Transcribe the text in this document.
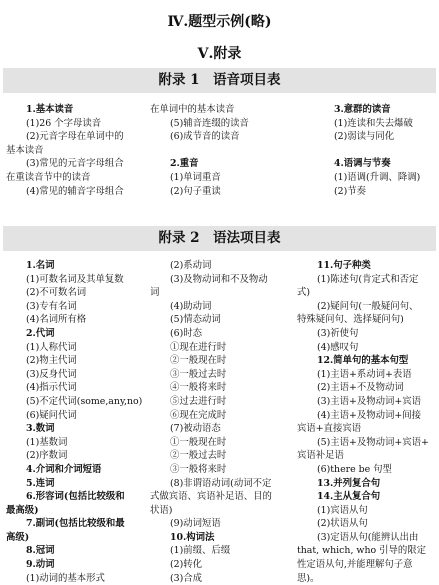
Ⅳ.题型示例(略)
Ⅴ.附录
附录 1　语音项目表
1.基本读音
(1)26 个字母读音
(2)元音字母在单词中的
基本读音
(3)常见的元音字母组合
在重读音节中的读音
(4)常见的辅音字母组合
在单词中的基本读音
(5)辅音连缀的读音
(6)成节音的读音

2.重音
(1)单词重音
(2)句子重读
3.意群的读音
(1)连读和失去爆破
(2)弱读与同化

4.语调与节奏
(1)语调(升调、降调)
(2)节奏
附录 2　语法项目表
1.名词
(1)可数名词及其单复数
(2)不可数名词
(3)专有名词
(4)名词所有格
2.代词
(1)人称代词
(2)物主代词
(3)反身代词
(4)指示代词
(5)不定代词(some,any,no)
(6)疑问代词
3.数词
(1)基数词
(2)序数词
4.介词和介词短语
5.连词
6.形容词(包括比较级和
最高级)
7.副词(包括比较级和最
高级)
8.冠词
9.动词
(1)动词的基本形式
(2)系动词
(3)及物动词和不及物动
词
(4)助动词
(5)情态动词
(6)时态
①现在进行时
②一般现在时
③一般过去时
④一般将来时
⑤过去进行时
⑥现在完成时
(7)被动语态
①一般现在时
②一般过去时
③一般将来时
(8)非谓语动词(动词不定
式做宾语、宾语补足语、目的
状语)
(9)动词短语
10.构词法
(1)前缀、后缀
(2)转化
(3)合成
11.句子种类
(1)陈述句(肯定式和否定
式)
(2)疑问句(一般疑问句、
特殊疑问句、选择疑问句)
(3)祈使句
(4)感叹句
12.简单句的基本句型
(1)主语+系动词+表语
(2)主语+不及物动词
(3)主语+及物动词+宾语
(4)主语+及物动词+间接
宾语+直接宾语
(5)主语+及物动词+宾语+
宾语补足语
(6)there be 句型
13.并列复合句
14.主从复合句
(1)宾语从句
(2)状语从句
(3)定语从句(能辨认出由
that, which, who 引导的限定
性定语从句,并能理解句子意
思)。
